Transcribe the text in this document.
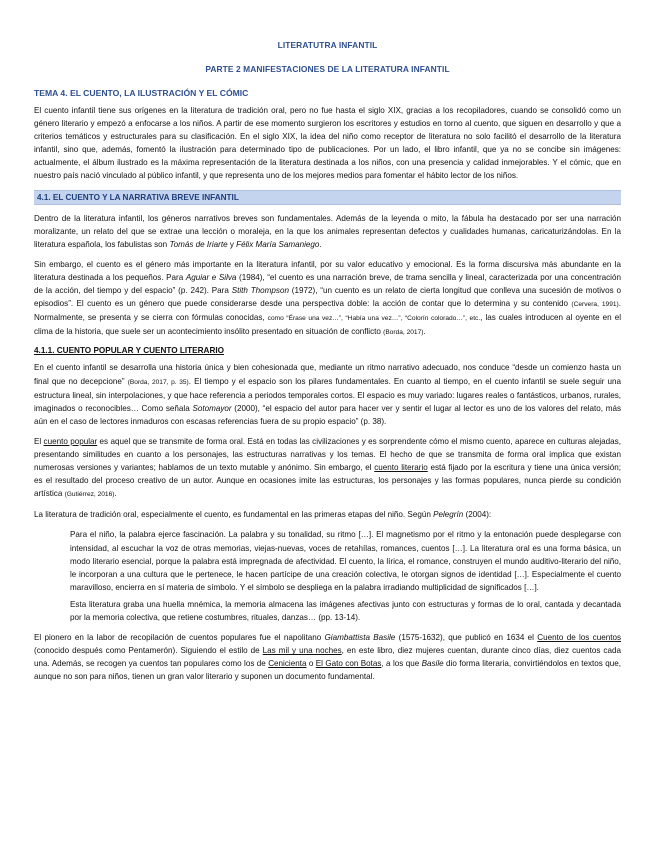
LITERATUTRA INFANTIL
PARTE 2 MANIFESTACIONES DE LA LITERATURA INFANTIL
TEMA 4. EL CUENTO, LA ILUSTRACIÓN Y EL CÓMIC

El cuento infantil tiene sus orígenes en la literatura de tradición oral, pero no fue hasta el siglo XIX, gracias a los recopiladores, cuando se consolidó como un género literario y empezó a enfocarse a los niños. A partir de ese momento surgieron los escritores y estudios en torno al cuento, que siguen en desarrollo y que a criterios temáticos y estructurales para su clasificación. En el siglo XIX, la idea del niño como receptor de literatura no solo facilitó el desarrollo de la literatura infantil, sino que, además, fomentó la ilustración para determinado tipo de publicaciones. Por un lado, el libro infantil, que ya no se concibe sin imágenes: actualmente, el álbum ilustrado es la máxima representación de la literatura destinada a los niños, con una presencia y calidad inmejorables. Y el cómic, que en nuestro país nació vinculado al público infantil, y que representa uno de los mejores medios para fomentar el hábito lector de los niños.

4.1. EL CUENTO Y LA NARRATIVA BREVE INFANTIL

Dentro de la literatura infantil, los géneros narrativos breves son fundamentales. Además de la leyenda o mito, la fábula ha destacado por ser una narración moralizante, un relato del que se extrae una lección o moraleja, en la que los animales representan defectos y cualidades humanas, caricaturizándolas. En la literatura española, los fabulistas son Tomás de Iriarte y Félix María Samaniego.

Sin embargo, el cuento es el género más importante en la literatura infantil, por su valor educativo y emocional. Es la forma discursiva más abundante en la literatura destinada a los pequeños. Para Aguiar e Silva (1984), “el cuento es una narración breve, de trama sencilla y lineal, caracterizada por una concentración de la acción, del tiempo y del espacio” (p. 242). Para Stith Thompson (1972), “un cuento es un relato de cierta longitud que conlleva una sucesión de motivos o episodios”. El cuento es un género que puede considerarse desde una perspectiva doble: la acción de contar que lo determina y su contenido (Cervera, 1991). Normalmente, se presenta y se cierra con fórmulas conocidas, como “Érase una vez…”, “Había una vez…”, “Colorín colorado…”, etc., las cuales introducen al oyente en el clima de la historia, que suele ser un acontecimiento insólito presentado en situación de conflicto (Borda, 2017).

4.1.1. CUENTO POPULAR Y CUENTO LITERARIO

En el cuento infantil se desarrolla una historia única y bien cohesionada que, mediante un ritmo narrativo adecuado, nos conduce “desde un comienzo hasta un final que no decepcione” (Borda, 2017, p. 35). El tiempo y el espacio son los pilares fundamentales. En cuanto al tiempo, en el cuento infantil se suele seguir una estructura lineal, sin interpolaciones, y que hace referencia a periodos temporales cortos. El espacio es muy variado: lugares reales o fantásticos, urbanos, rurales, imaginados o reconocibles… Como señala Sotomayor (2000), “el espacio del autor para hacer ver y sentir el lugar al lector es uno de los valores del relato, más aún en el caso de lectores inmaduros con escasas referencias fuera de su propio espacio” (p. 38).

El cuento popular es aquel que se transmite de forma oral. Está en todas las civilizaciones y es sorprendente cómo el mismo cuento, aparece en culturas alejadas, presentando similitudes en cuanto a los personajes, las estructuras narrativas y los temas. El hecho de que se transmita de forma oral implica que existan numerosas versiones y variantes; hablamos de un texto mutable y anónimo. Sin embargo, el cuento literario está fijado por la escritura y tiene una única versión; es el resultado del proceso creativo de un autor. Aunque en ocasiones imite las estructuras, los personajes y las formas populares, nunca pierde su condición artística (Gutiérrez, 2016).

La literatura de tradición oral, especialmente el cuento, es fundamental en las primeras etapas del niño. Según Pelegrín (2004):

Para el niño, la palabra ejerce fascinación. La palabra y su tonalidad, su ritmo […]. El magnetismo por el ritmo y la entonación puede desplegarse con intensidad, al escuchar la voz de otras memorias, viejas-nuevas, voces de retahílas, romances, cuentos […]. La literatura oral es una forma básica, un modo literario esencial, porque la palabra está impregnada de afectividad. El cuento, la lírica, el romance, construyen el mundo auditivo-literario del niño, le incorporan a una cultura que le pertenece, le hacen partícipe de una creación colectiva, le otorgan signos de identidad […]. Especialmente el cuento maravilloso, encierra en sí materia de símbolo. Y el símbolo se despliega en la palabra irradiando multiplicidad de significados […].

Esta literatura graba una huella mnémica, la memoria almacena las imágenes afectivas junto con estructuras y formas de lo oral, cantada y decantada por la memoria colectiva, que retiene costumbres, rituales, danzas… (pp. 13-14).

El pionero en la labor de recopilación de cuentos populares fue el napolitano Giambattista Basile (1575-1632), que publicó en 1634 el Cuento de los cuentos (conocido después como Pentamerón). Siguiendo el estilo de Las mil y una noches, en este libro, diez mujeres cuentan, durante cinco días, diez cuentos cada una. Además, se recogen ya cuentos tan populares como los de Cenicienta o El Gato con Botas, a los que Basile dio forma literaria, convirtiéndolos en textos que, aunque no son para niños, tienen un gran valor literario y suponen un documento fundamental.
